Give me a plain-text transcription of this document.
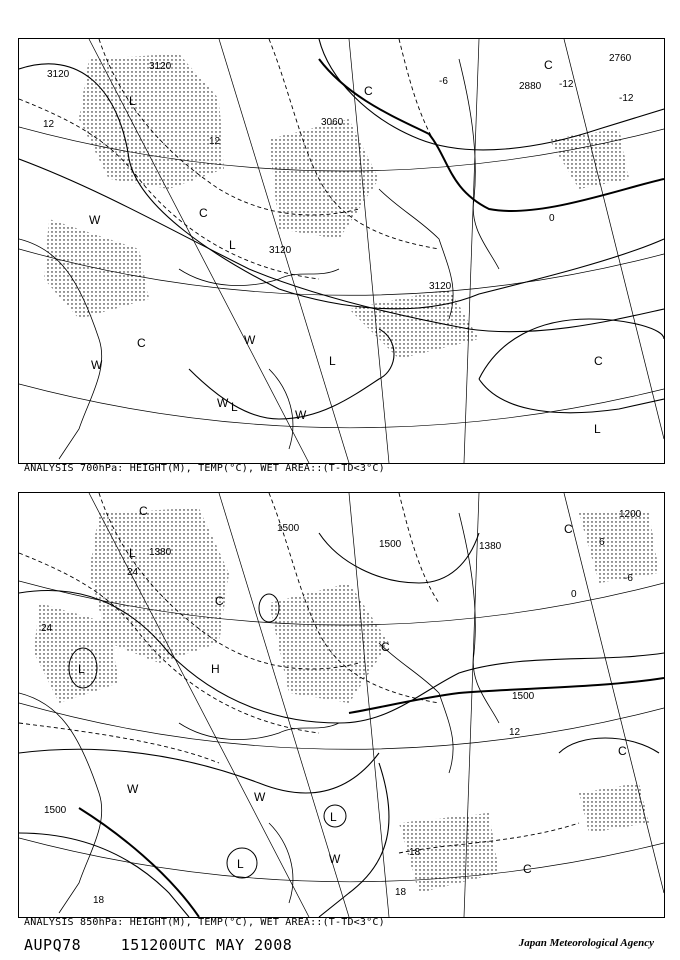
3120
3120
3060
3120
3120
2760
2880
12
12
-12
0
-6	-12
L
L
L
C
C
C
C
C
W
W
W
W
W
L
L
ANALYSIS 700hPa: HEIGHT(M), TEMP(°C), WET AREA::(T-TD<3°C)
1500
1500
1500
1380
1200
1380
1500
24
24
12
18
18
18
-6
0
6
L
L
L
L
W
W
W
H
C
C
C
C
C
C
ANALYSIS 850hPa: HEIGHT(M), TEMP(°C), WET AREA::(T-TD<3°C)
AUPQ78	151200UTC MAY 2008	Japan Meteorological Agency
